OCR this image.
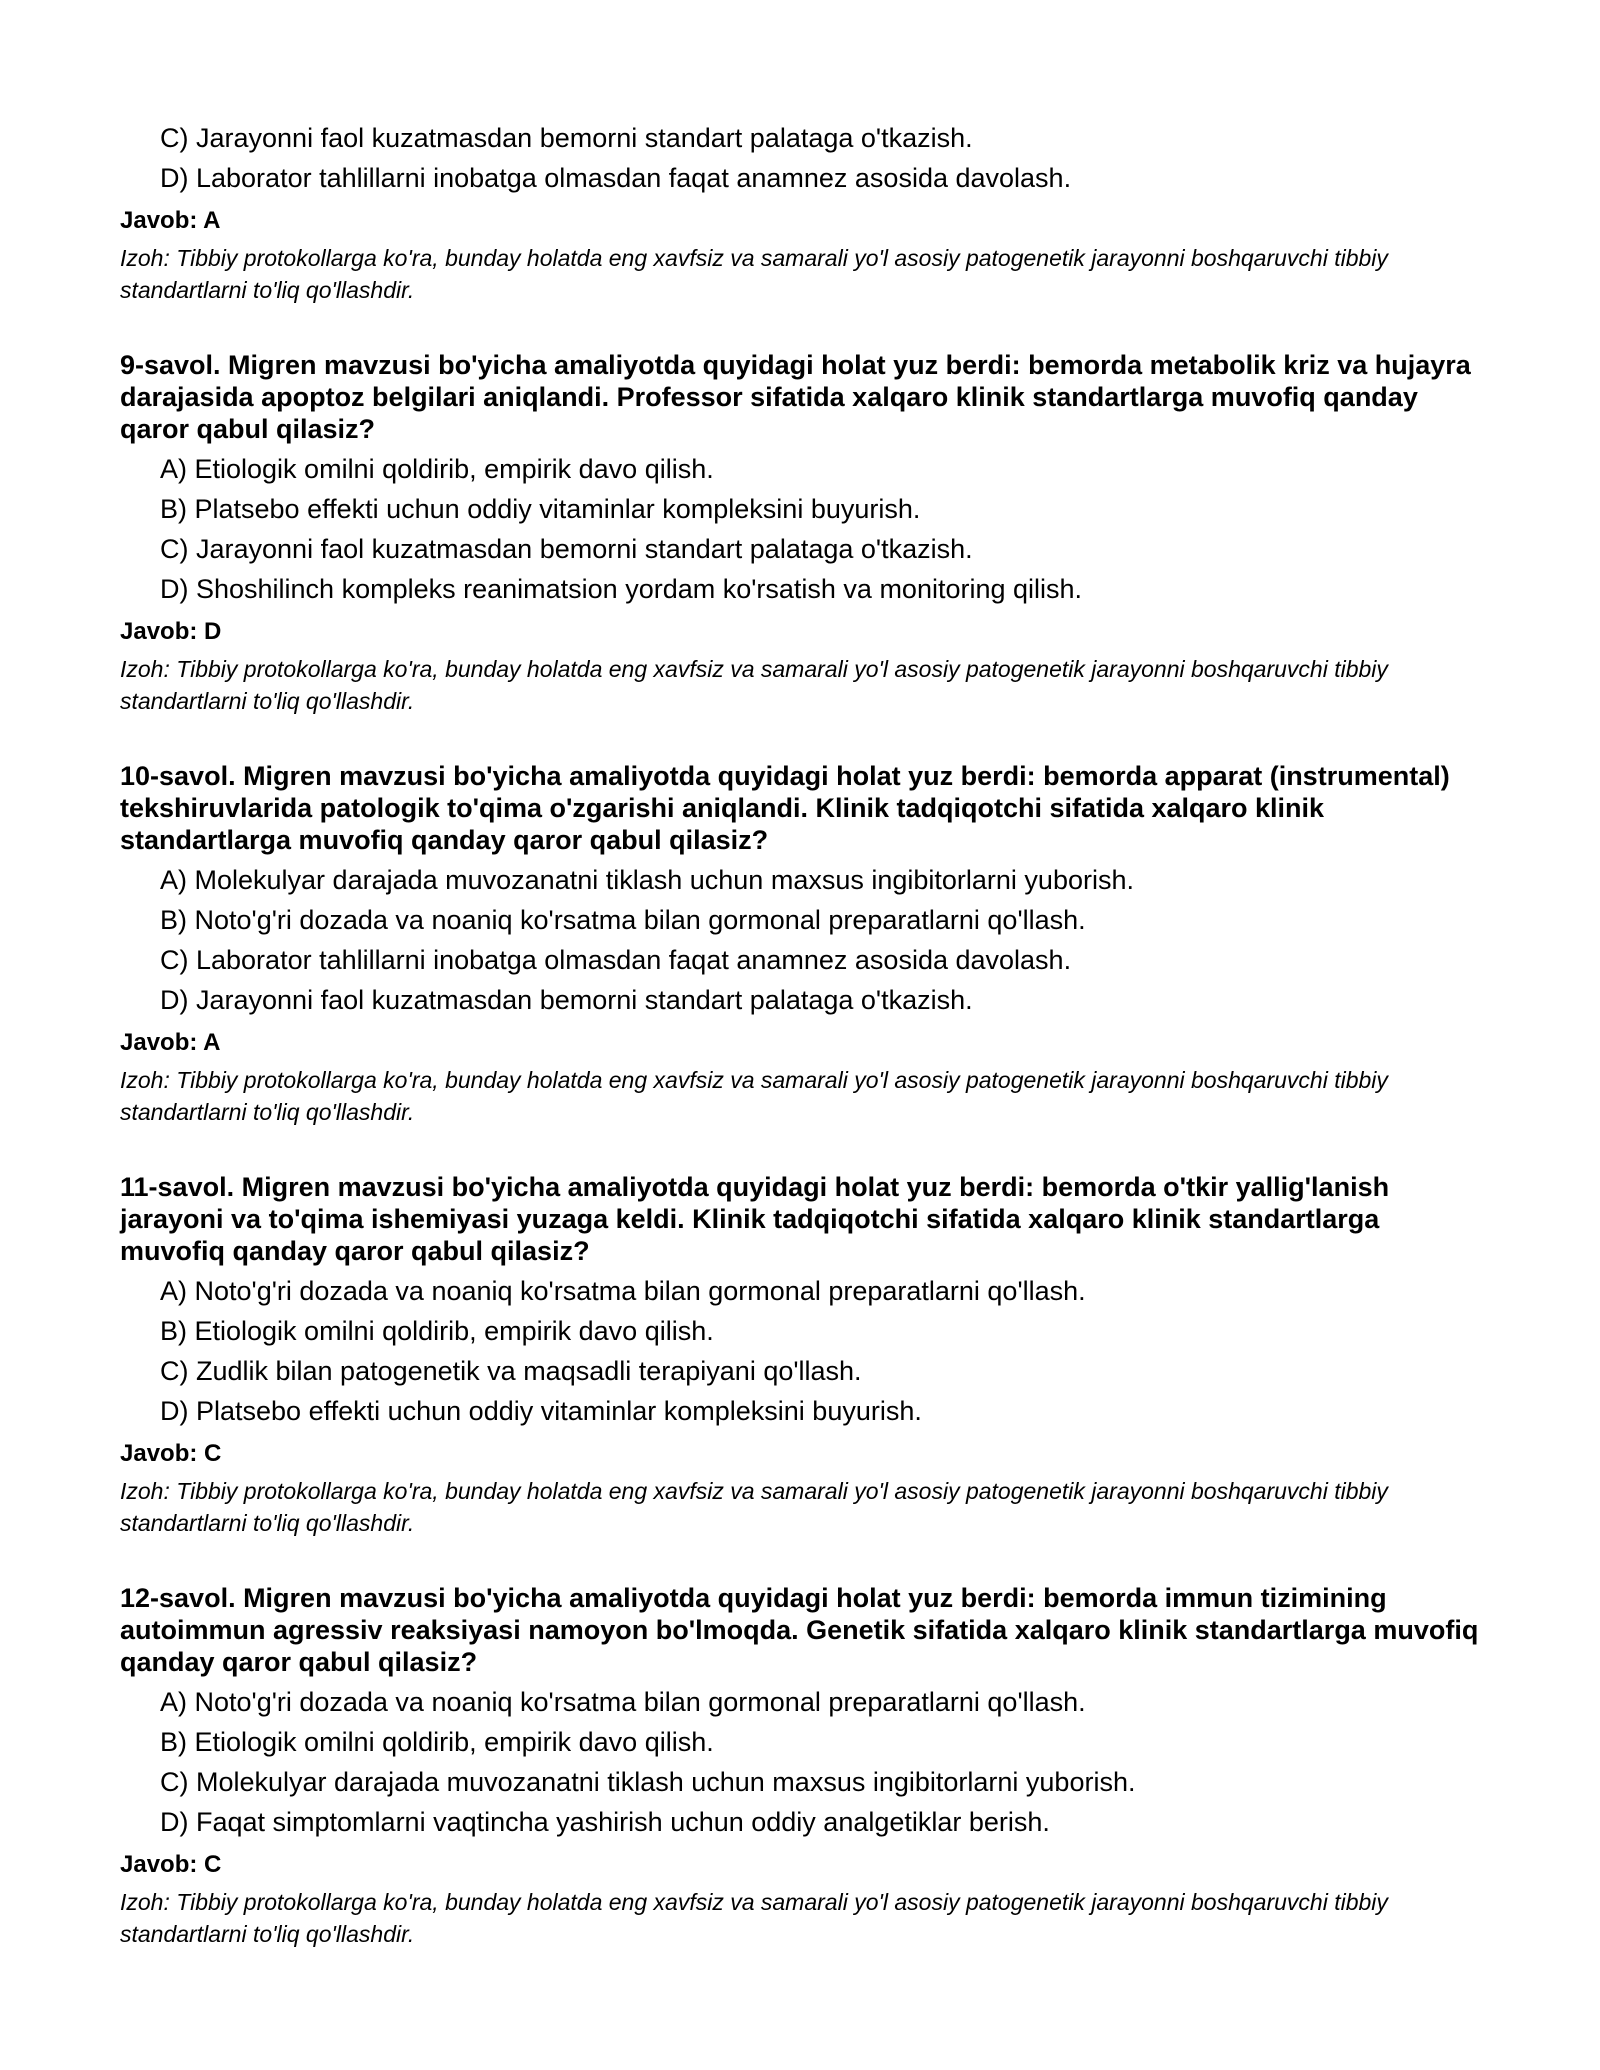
C) Jarayonni faol kuzatmasdan bemorni standart palataga o'tkazish.
D) Laborator tahlillarni inobatga olmasdan faqat anamnez asosida davolash.
Javob: A
Izoh: Tibbiy protokollarga ko'ra, bunday holatda eng xavfsiz va samarali yo'l asosiy patogenetik jarayonni boshqaruvchi tibbiy standartlarni to'liq qo'llashdir.
9-savol. Migren mavzusi bo'yicha amaliyotda quyidagi holat yuz berdi: bemorda metabolik kriz va hujayra darajasida apoptoz belgilari aniqlandi. Professor sifatida xalqaro klinik standartlarga muvofiq qanday qaror qabul qilasiz?
A) Etiologik omilni qoldirib, empirik davo qilish.
B) Platsebo effekti uchun oddiy vitaminlar kompleksini buyurish.
C) Jarayonni faol kuzatmasdan bemorni standart palataga o'tkazish.
D) Shoshilinch kompleks reanimatsion yordam ko'rsatish va monitoring qilish.
Javob: D
Izoh: Tibbiy protokollarga ko'ra, bunday holatda eng xavfsiz va samarali yo'l asosiy patogenetik jarayonni boshqaruvchi tibbiy standartlarni to'liq qo'llashdir.
10-savol. Migren mavzusi bo'yicha amaliyotda quyidagi holat yuz berdi: bemorda apparat (instrumental) tekshiruvlarida patologik to'qima o'zgarishi aniqlandi. Klinik tadqiqotchi sifatida xalqaro klinik standartlarga muvofiq qanday qaror qabul qilasiz?
A) Molekulyar darajada muvozanatni tiklash uchun maxsus ingibitorlarni yuborish.
B) Noto'g'ri dozada va noaniq ko'rsatma bilan gormonal preparatlarni qo'llash.
C) Laborator tahlillarni inobatga olmasdan faqat anamnez asosida davolash.
D) Jarayonni faol kuzatmasdan bemorni standart palataga o'tkazish.
Javob: A
Izoh: Tibbiy protokollarga ko'ra, bunday holatda eng xavfsiz va samarali yo'l asosiy patogenetik jarayonni boshqaruvchi tibbiy standartlarni to'liq qo'llashdir.
11-savol. Migren mavzusi bo'yicha amaliyotda quyidagi holat yuz berdi: bemorda o'tkir yallig'lanish jarayoni va to'qima ishemiyasi yuzaga keldi. Klinik tadqiqotchi sifatida xalqaro klinik standartlarga muvofiq qanday qaror qabul qilasiz?
A) Noto'g'ri dozada va noaniq ko'rsatma bilan gormonal preparatlarni qo'llash.
B) Etiologik omilni qoldirib, empirik davo qilish.
C) Zudlik bilan patogenetik va maqsadli terapiyani qo'llash.
D) Platsebo effekti uchun oddiy vitaminlar kompleksini buyurish.
Javob: C
Izoh: Tibbiy protokollarga ko'ra, bunday holatda eng xavfsiz va samarali yo'l asosiy patogenetik jarayonni boshqaruvchi tibbiy standartlarni to'liq qo'llashdir.
12-savol. Migren mavzusi bo'yicha amaliyotda quyidagi holat yuz berdi: bemorda immun tizimining autoimmun agressiv reaksiyasi namoyon bo'lmoqda. Genetik sifatida xalqaro klinik standartlarga muvofiq qanday qaror qabul qilasiz?
A) Noto'g'ri dozada va noaniq ko'rsatma bilan gormonal preparatlarni qo'llash.
B) Etiologik omilni qoldirib, empirik davo qilish.
C) Molekulyar darajada muvozanatni tiklash uchun maxsus ingibitorlarni yuborish.
D) Faqat simptomlarni vaqtincha yashirish uchun oddiy analgetiklar berish.
Javob: C
Izoh: Tibbiy protokollarga ko'ra, bunday holatda eng xavfsiz va samarali yo'l asosiy patogenetik jarayonni boshqaruvchi tibbiy standartlarni to'liq qo'llashdir.
